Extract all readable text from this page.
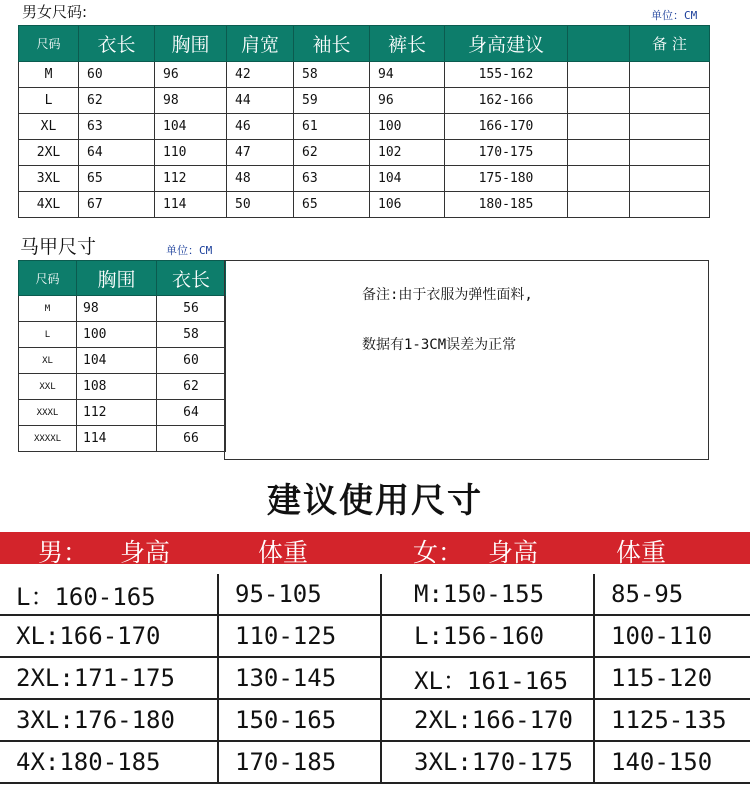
男女尺码:	单位：CM
尺码	衣长	胸围	肩宽	袖长	裤长	身高建议		备 注
M	60	96	42	58	94	155-162		
L	62	98	44	59	96	162-166		
XL	63	104	46	61	100	166-170		
2XL	64	110	47	62	102	170-175		
3XL	65	112	48	63	104	175-180		
4XL	67	114	50	65	106	180-185		
马甲尺寸	单位：CM
尺码	胸围	衣长
M	98	56
L	100	58
XL	104	60
XXL	108	62
XXXL	112	64
XXXXL	114	66
备注:由于衣服为弹性面料,
数据有1-3CM误差为正常
建议使用尺寸
男： 身高	体重	女： 身高	体重
L：160-165	95-105	M:150-155	85-95
XL:166-170	110-125	L:156-160	100-110
2XL:171-175	130-145	XL：161-165	115-120
3XL:176-180	150-165	2XL:166-170	1125-135
4X:180-185	170-185	3XL:170-175	140-150
